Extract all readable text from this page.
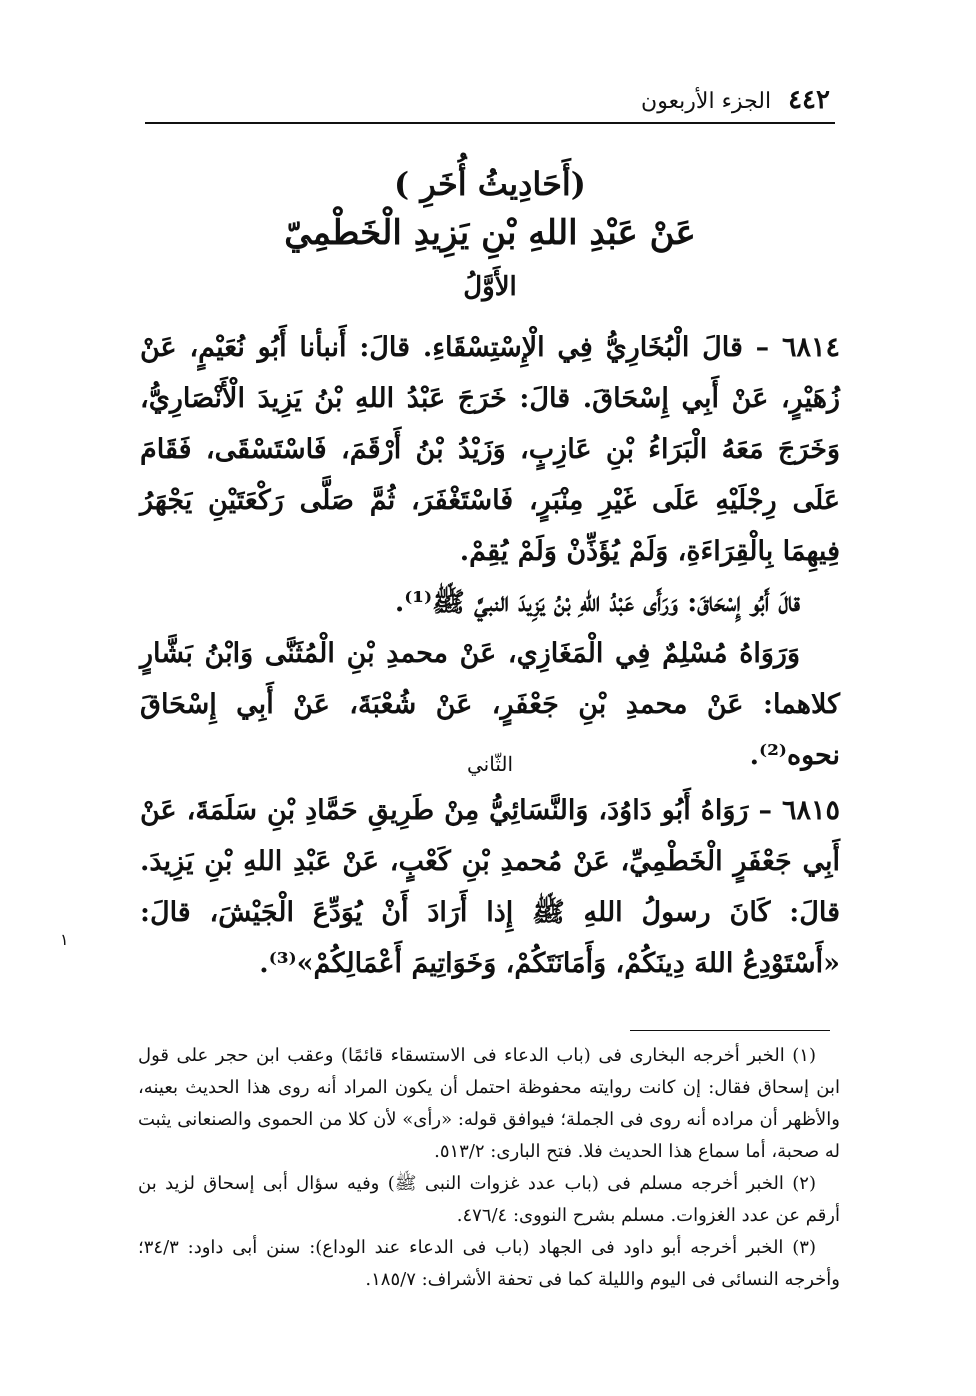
٤٤٢ الجزء الأربعون
(أَحَادِيثُ أُخَرِ )
عَنْ عَبْدِ اللهِ بْنِ يَزِيدِ الْخَطْمِيّ
الأَوَّلُ

٦٨١٤ – قالَ الْبُخَارِيُّ فِي الْإِسْتِسْقَاءِ. قالَ: أَنبأنا أَبُو نُعَيْمٍ، عَنْ زُهَيْرٍ، عَنْ أَبِي إِسْحَاقَ. قالَ: خَرَجَ عَبْدُ اللهِ بْنُ يَزِيدَ الْأَنْصَارِيُّ، وَخَرَجَ مَعَهُ الْبَرَاءُ بْنِ عَازِبٍ، وَزَيْدُ بْنُ أَرْقَمَ، فَاسْتَسْقَى، فَقَامَ عَلَى رِجْلَيْهِ عَلَى غَيْرِ مِنْبَرٍ، فَاسْتَغْفَرَ، ثُمَّ صَلَّى رَكْعَتَيْنِ يَجْهَرُ فِيهِمَا بِالْقِرَاءَةِ، وَلَمْ يُؤَذِّنْ وَلَمْ يُقِمْ.

قالَ أَبُو إِسْحَاقَ: وَرَأَى عَبْدُ اللهِ بْنُ يَزِيدَ النبيَّ ﷺ⁽¹⁾.

وَرَوَاهُ مُسْلِمٌ فِي الْمَغَازِي، عَنْ محمدِ بْنِ الْمُثَنَّى وَابْنُ بَشَّارٍ كلاهما: عَنْ محمدِ بْنِ جَعْفَرٍ، عَنْ شُعْبَةَ، عَنْ أَبِي إِسْحَاقَ نحوه⁽²⁾.

الثّاني

٦٨١٥ – رَوَاهُ أَبُو دَاوُدَ، وَالنَّسَائِيُّ مِنْ طَرِيقِ حَمَّادِ بْنِ سَلَمَةَ، عَنْ أَبِي جَعْفَرٍ الْخَطْمِيِّ، عَنْ مُحمدِ بْنِ كَعْبٍ، عَنْ عَبْدِ اللهِ بْنِ يَزِيدَ. قالَ: كَانَ رسولُ اللهِ ﷺ إِذا أَرَادَ أَنْ يُوَدِّعَ الْجَيْشَ، قالَ: «أَسْتَوْدِعُ اللهَ دِينَكُمْ، وَأَمَانَتَكُمْ، وَخَوَاتِيمَ أَعْمَالِكُمْ»⁽³⁾.

١

(١) الخبر أخرجه البخارى فى (باب الدعاء فى الاستسقاء قائمًا) وعقب ابن حجر على قول ابن إسحاق فقال: إن كانت روايته محفوظة احتمل أن يكون المراد أنه روى هذا الحديث بعينه، والأظهر أن مراده أنه روى فى الجملة؛ فيوافق قوله: «رأى» لأن كلا من الحموى والصنعانى يثبت له صحبة، أما سماع هذا الحديث فلا. فتح البارى: ٥١٣/٢.

(٢) الخبر أخرجه مسلم فى (باب عدد غزوات النبى ﷺ) وفيه سؤال أبى إسحاق لزيد بن أرقم عن عدد الغزوات. مسلم بشرح النووى: ٤٧٦/٤.

(٣) الخبر أخرجه أبو داود فى الجهاد (باب فى الدعاء عند الوداع): سنن أبى داود: ٣٤/٣؛ وأخرجه النسائى فى اليوم والليلة كما فى تحفة الأشراف: ١٨٥/٧.
